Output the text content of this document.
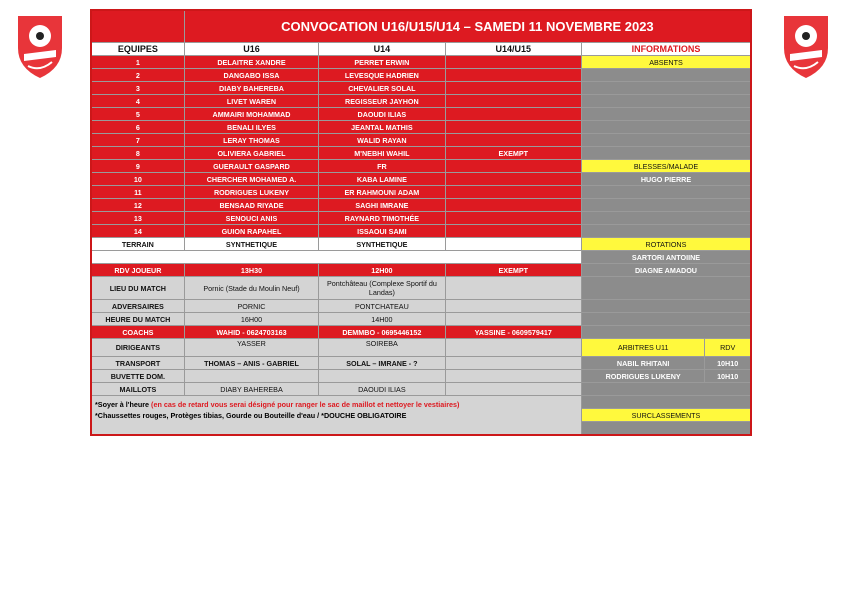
	CONVOCATION U16/U15/U14 – SAMEDI 11 NOVEMBRE 2023				
EQUIPES	U16	U14	U14/U15	INFORMATIONS	
1	DELAITRE XANDRE	PERRET ERWIN		ABSENTS	
2	DANGABO ISSA	LEVESQUE HADRIEN			
3	DIABY BAHEREBA	CHEVALIER SOLAL			
4	LIVET WAREN	REGISSEUR JAYHON			
5	AMMAIRI MOHAMMAD	DAOUDI ILIAS			
6	BENALI ILYES	JEANTAL MATHIS			
7	LERAY THOMAS	WALID RAYAN			
8	OLIVIERA GABRIEL	M'NEBHI WAHIL	EXEMPT		
9	GUERAULT GASPARD	FR		BLESSES/MALADE	
10	CHERCHER MOHAMED A.	KABA LAMINE		HUGO PIERRE	
11	RODRIGUES LUKENY	ER RAHMOUNI ADAM			
12	BENSAAD RIYADE	SAGHI IMRANE			
13	SENOUCI ANIS	RAYNARD TIMOTHÉE			
14	GUION RAPAHEL	ISSAOUI SAMI			
TERRAIN	SYNTHETIQUE	SYNTHETIQUE		ROTATIONS	
				SARTORI ANTOIINE	
RDV JOUEUR	13H30	12H00	EXEMPT	DIAGNE AMADOU	
LIEU DU MATCH	Pornic (Stade du Moulin Neuf)	Pontchâteau (Complexe Sportif du Landas)			
ADVERSAIRES	PORNIC	PONTCHATEAU			
HEURE DU MATCH	16H00	14H00			
COACHS	WAHID - 0624703163	DEMMBO - 0695446152	YASSINE - 0609579417		
DIRIGEANTS	YASSER	SOIREBA		ARBITRES U11	RDV
TRANSPORT	THOMAS – ANIS - GABRIEL	SOLAL – IMRANE - ?		NABIL RHITANI	10H10
BUVETTE DOM.				RODRIGUES LUKENY	10H10
MAILLOTS	DIABY BAHEREBA	DAOUDI ILIAS			

*Soyer à l'heure (en cas de retard vous serai désigné pour ranger le sac de maillot et nettoyer le vestiaires)
*Chaussettes rouges, Protèges tibias, Gourde ou Bouteille d'eau / *DOUCHE OBLIGATOIRE					

				SURCLASSEMENTS	
